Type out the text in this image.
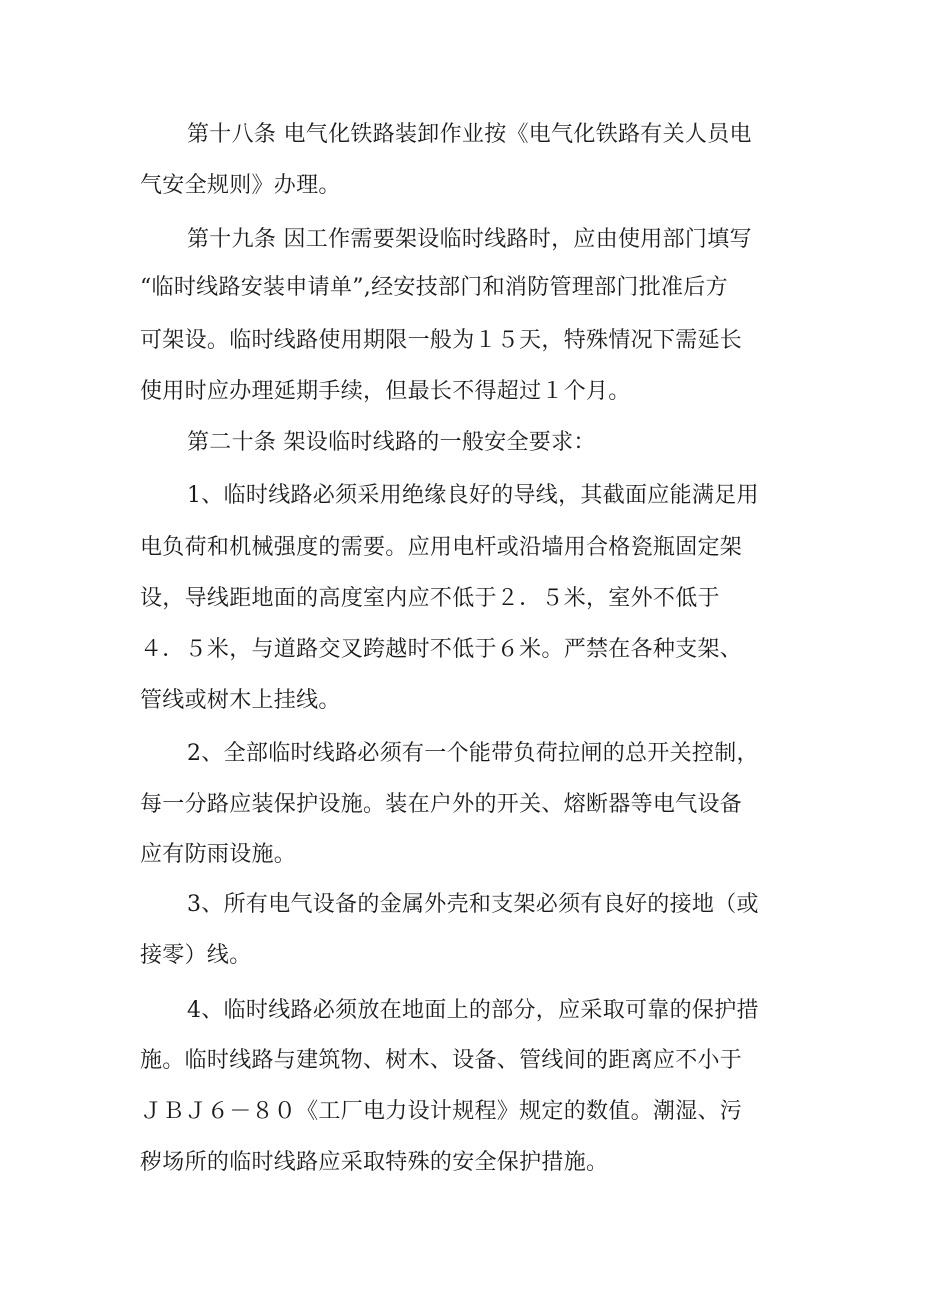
第十八条 电气化铁路装卸作业按《电气化铁路有关人员电
气安全规则》办理。
第十九条 因工作需要架设临时线路时，应由使用部门填写
“临时线路安装申请单”,经安技部门和消防管理部门批准后方
可架设。临时线路使用期限一般为１５天，特殊情况下需延长
使用时应办理延期手续，但最长不得超过１个月。
第二十条 架设临时线路的一般安全要求：
1、临时线路必须采用绝缘良好的导线，其截面应能满足用
电负荷和机械强度的需要。应用电杆或沿墙用合格瓷瓶固定架
设，导线距地面的高度室内应不低于２．５米，室外不低于
４．５米，与道路交叉跨越时不低于６米。严禁在各种支架、
管线或树木上挂线。
2、全部临时线路必须有一个能带负荷拉闸的总开关控制，
每一分路应装保护设施。装在户外的开关、熔断器等电气设备
应有防雨设施。
3、所有电气设备的金属外壳和支架必须有良好的接地（或
接零）线。
4、临时线路必须放在地面上的部分，应采取可靠的保护措
施。临时线路与建筑物、树木、设备、管线间的距离应不小于
ＪＢＪ６－８０《工厂电力设计规程》规定的数值。潮湿、污
秽场所的临时线路应采取特殊的安全保护措施。
